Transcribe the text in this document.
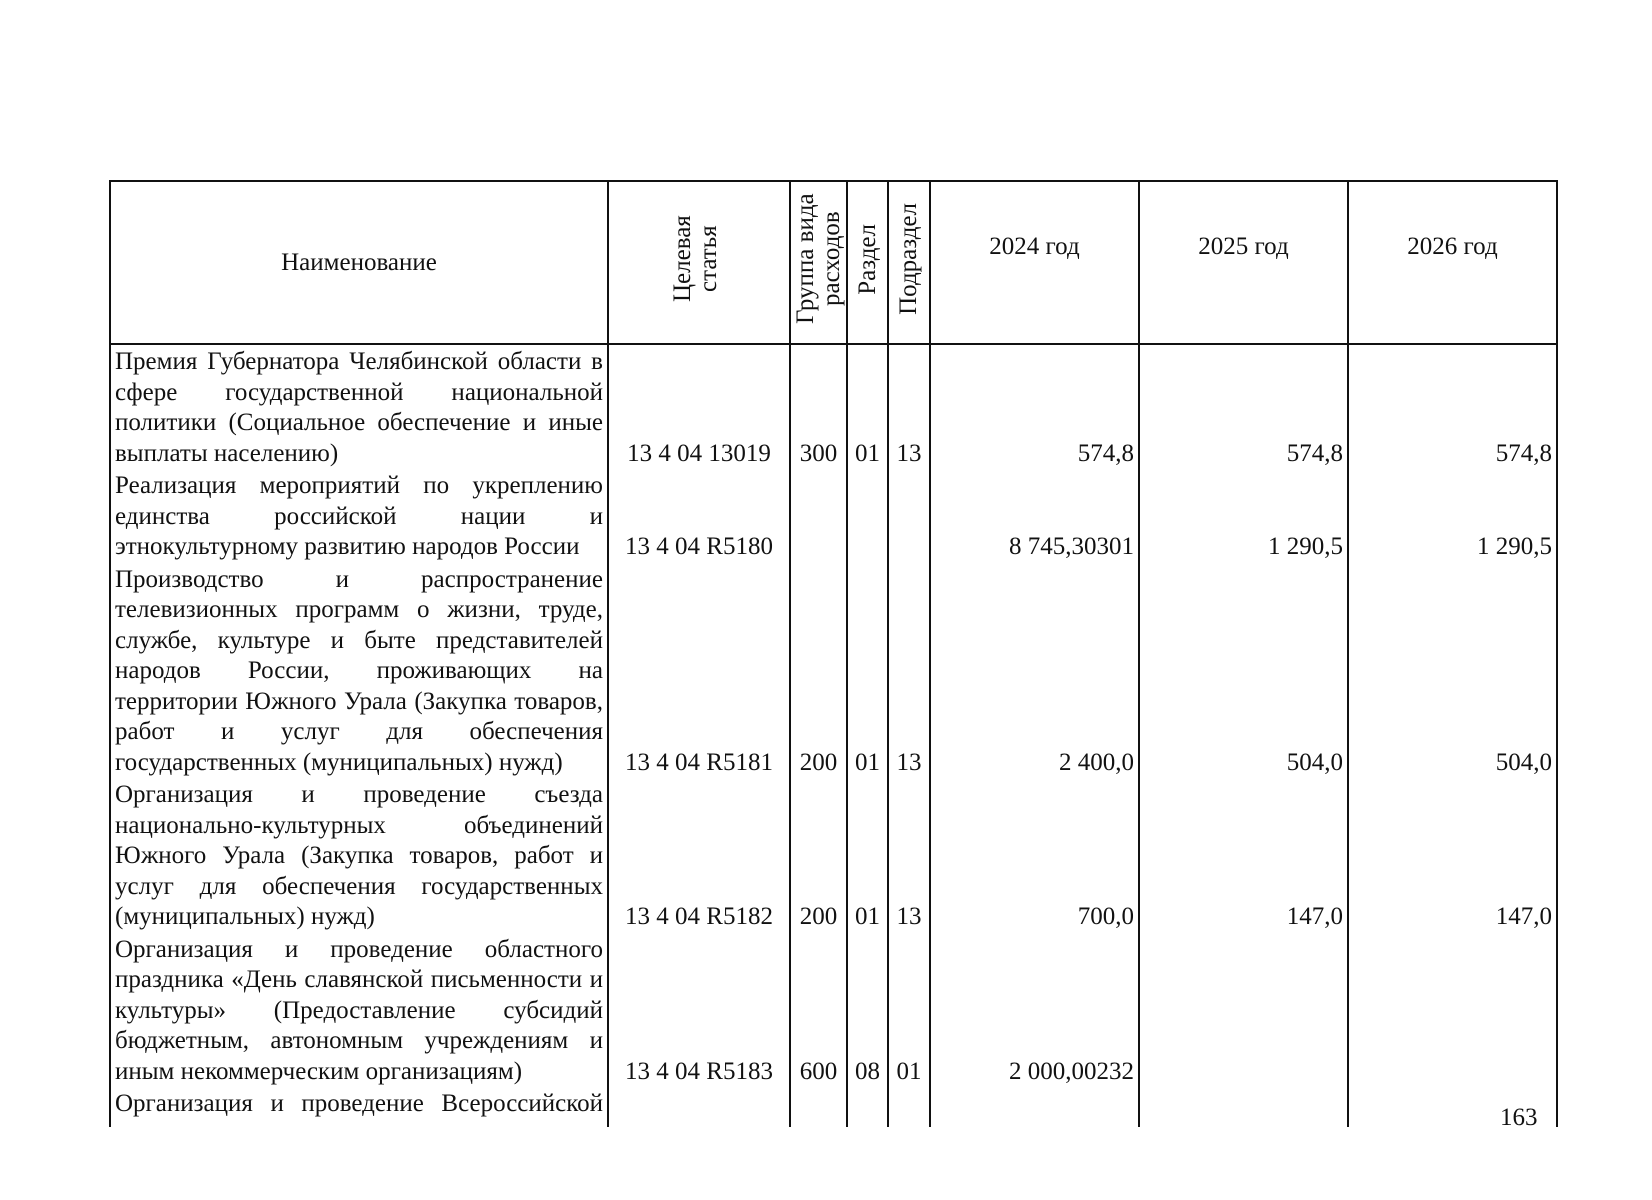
Наименование	Целевая статья	Группа вида расходов	Раздел	Подраздел	2024 год	2025 год	2026 год

Премия Губернатора Челябинской области в сфере государственной национальной политики (Социальное обеспечение и иные выплаты населению)	13 4 04 13019	300	01	13	574,8	574,8	574,8
Реализация мероприятий по укреплению единства российской нации и этнокультурному развитию народов России	13 4 04 R5180				8 745,30301	1 290,5	1 290,5
Производство и распространение телевизионных программ о жизни, труде, службе, культуре и быте представителей народов России, проживающих на территории Южного Урала (Закупка товаров, работ и услуг для обеспечения государственных (муниципальных) нужд)	13 4 04 R5181	200	01	13	2 400,0	504,0	504,0
Организация и проведение съезда национально-культурных объединений Южного Урала (Закупка товаров, работ и услуг для обеспечения государственных (муниципальных) нужд)	13 4 04 R5182	200	01	13	700,0	147,0	147,0
Организация и проведение областного праздника «День славянской письменности и культуры» (Предоставление субсидий бюджетным, автономным учреждениям и иным некоммерческим организациям)	13 4 04 R5183	600	08	01	2 000,00232		
Организация и проведение Всероссийской							
163
